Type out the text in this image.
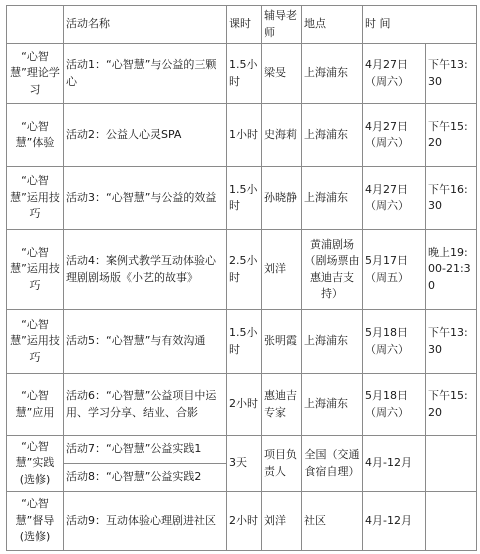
	活动名称	课时	辅导老师	地点	时 间	
“心智慧”理论学习	活动1：“心智慧”与公益的三颗心	1.5小时	梁旻	上海浦东	4月27日（周六）	下午13:30
“心智慧”体验	活动2：公益人心灵SPA	1小时	史海莉	上海浦东	4月27日（周六）	下午15:20
“心智慧”运用技巧	活动3：“心智慧”与公益的效益	1.5小时	孙晓静	上海浦东	4月27日（周六）	下午16:30
“心智慧”运用技巧	活动4：案例式教学互动体验心理剧剧场版《小艺的故事》	2.5小时	刘洋	黄浦剧场（剧场票由惠迪吉支持）	5月17日（周五）	晚上19:00-21:30
“心智慧”运用技巧	活动5：“心智慧”与有效沟通	1.5小时	张明霞	上海浦东	5月18日（周六）	下午13:30
“心智慧”应用	活动6：“心智慧”公益项目中运用、学习分享、结业、合影	2小时	惠迪吉专家	上海浦东	5月18日（周六）	下午15:20
“心智慧”实践(选修)	活动7：“心智慧”公益实践1	3天	项目负责人	全国（交通食宿自理）	4月-12月	
	活动8：“心智慧”公益实践2					
“心智慧”督导(选修)	活动9：互动体验心理剧进社区	2小时	刘洋	社区	4月-12月	
